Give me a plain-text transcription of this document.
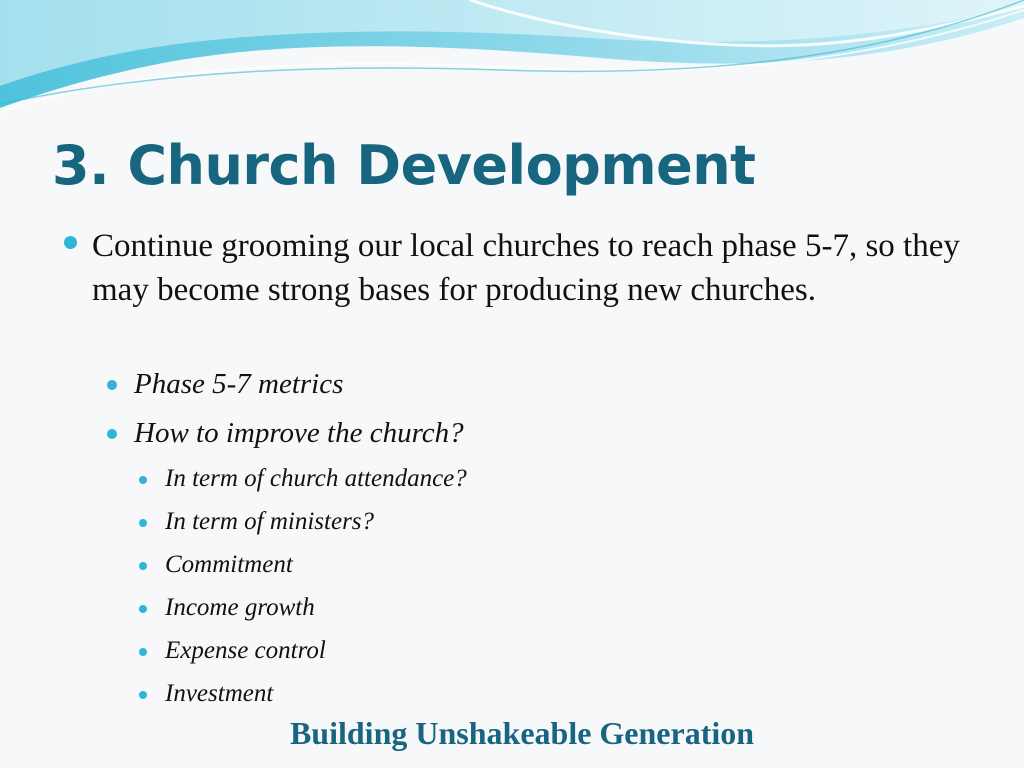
3. Church Development
Continue grooming our local churches to reach phase 5-7, so they may become strong bases for producing new churches.
Phase 5-7 metrics
How to improve the church?
In term of church attendance?
In term of ministers?
Commitment
Income growth
Expense control
Investment
Building Unshakeable Generation
